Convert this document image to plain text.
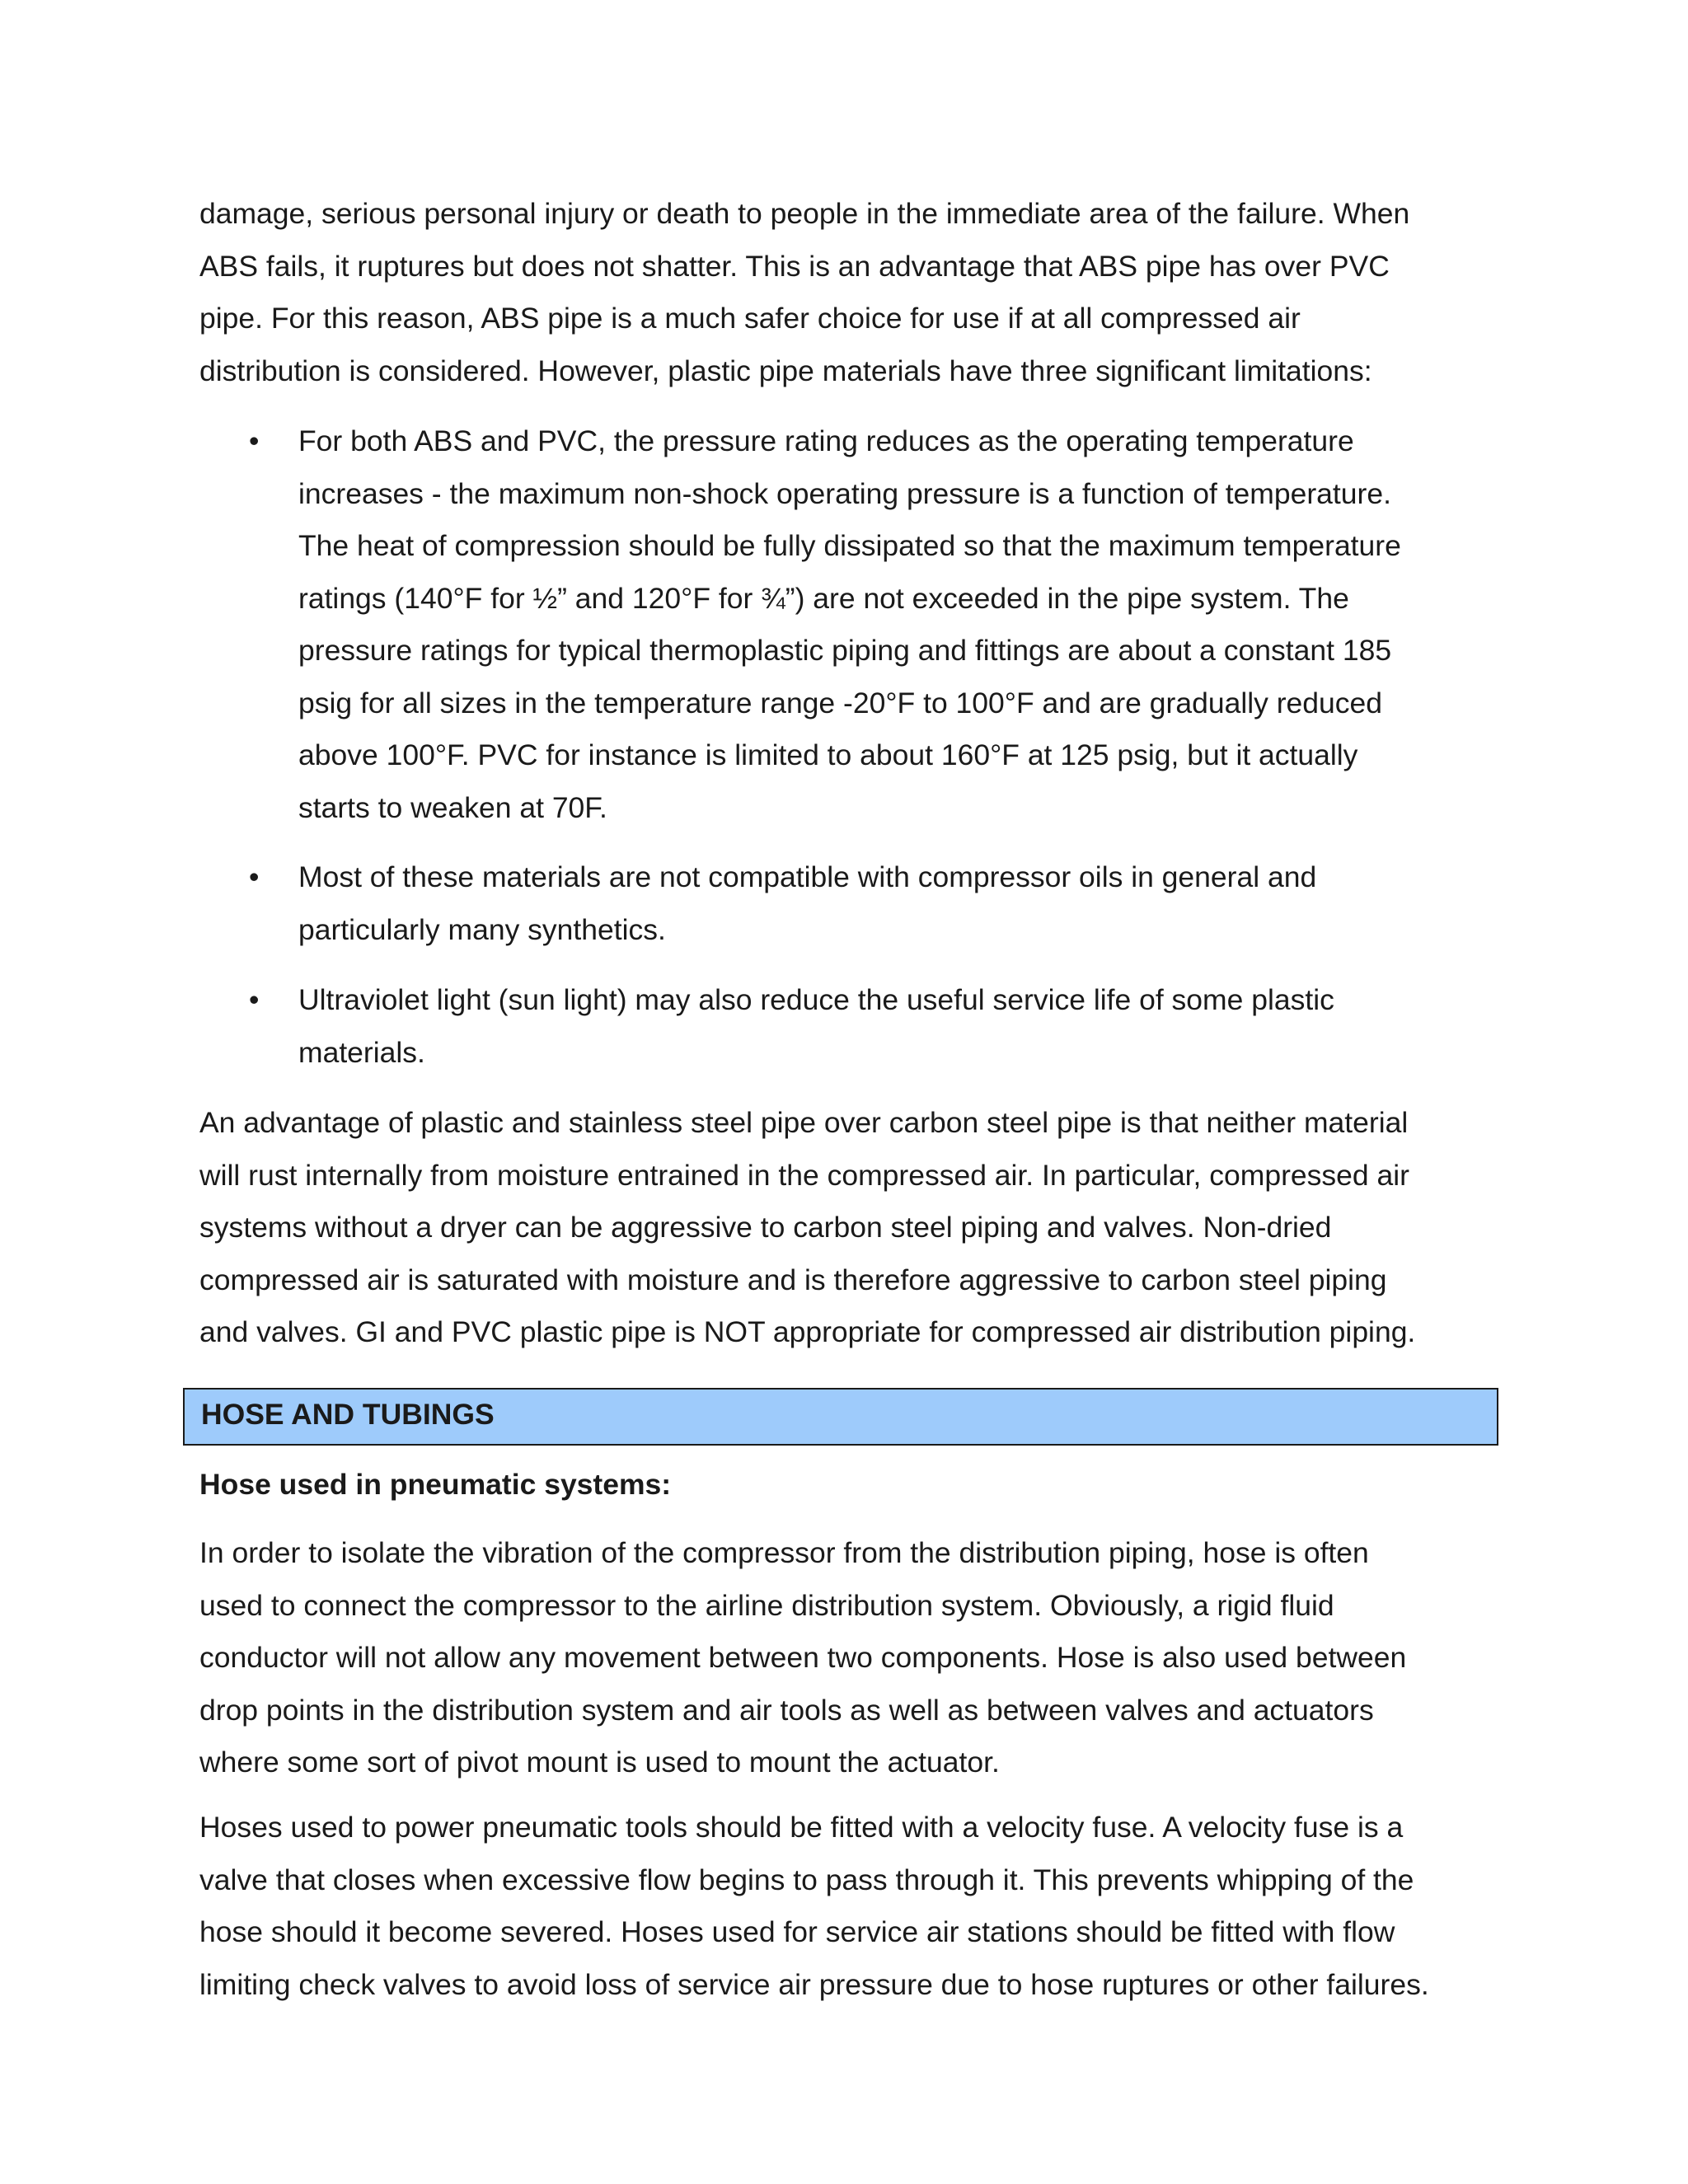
damage, serious personal injury or death to people in the immediate area of the failure. When
ABS fails, it ruptures but does not shatter. This is an advantage that ABS pipe has over PVC
pipe. For this reason, ABS pipe is a much safer choice for use if at all compressed air
distribution is considered. However, plastic pipe materials have three significant limitations:

• For both ABS and PVC, the pressure rating reduces as the operating temperature
increases - the maximum non-shock operating pressure is a function of temperature.
The heat of compression should be fully dissipated so that the maximum temperature
ratings (140°F for ½” and 120°F for ¾”) are not exceeded in the pipe system. The
pressure ratings for typical thermoplastic piping and fittings are about a constant 185
psig for all sizes in the temperature range -20°F to 100°F and are gradually reduced
above 100°F. PVC for instance is limited to about 160°F at 125 psig, but it actually
starts to weaken at 70F.
• Most of these materials are not compatible with compressor oils in general and
particularly many synthetics.
• Ultraviolet light (sun light) may also reduce the useful service life of some plastic
materials.

An advantage of plastic and stainless steel pipe over carbon steel pipe is that neither material
will rust internally from moisture entrained in the compressed air. In particular, compressed air
systems without a dryer can be aggressive to carbon steel piping and valves. Non-dried
compressed air is saturated with moisture and is therefore aggressive to carbon steel piping
and valves. GI and PVC plastic pipe is NOT appropriate for compressed air distribution piping.

HOSE AND TUBINGS
Hose used in pneumatic systems:

In order to isolate the vibration of the compressor from the distribution piping, hose is often
used to connect the compressor to the airline distribution system. Obviously, a rigid fluid
conductor will not allow any movement between two components. Hose is also used between
drop points in the distribution system and air tools as well as between valves and actuators
where some sort of pivot mount is used to mount the actuator.

Hoses used to power pneumatic tools should be fitted with a velocity fuse. A velocity fuse is a
valve that closes when excessive flow begins to pass through it. This prevents whipping of the
hose should it become severed. Hoses used for service air stations should be fitted with flow
limiting check valves to avoid loss of service air pressure due to hose ruptures or other failures.
